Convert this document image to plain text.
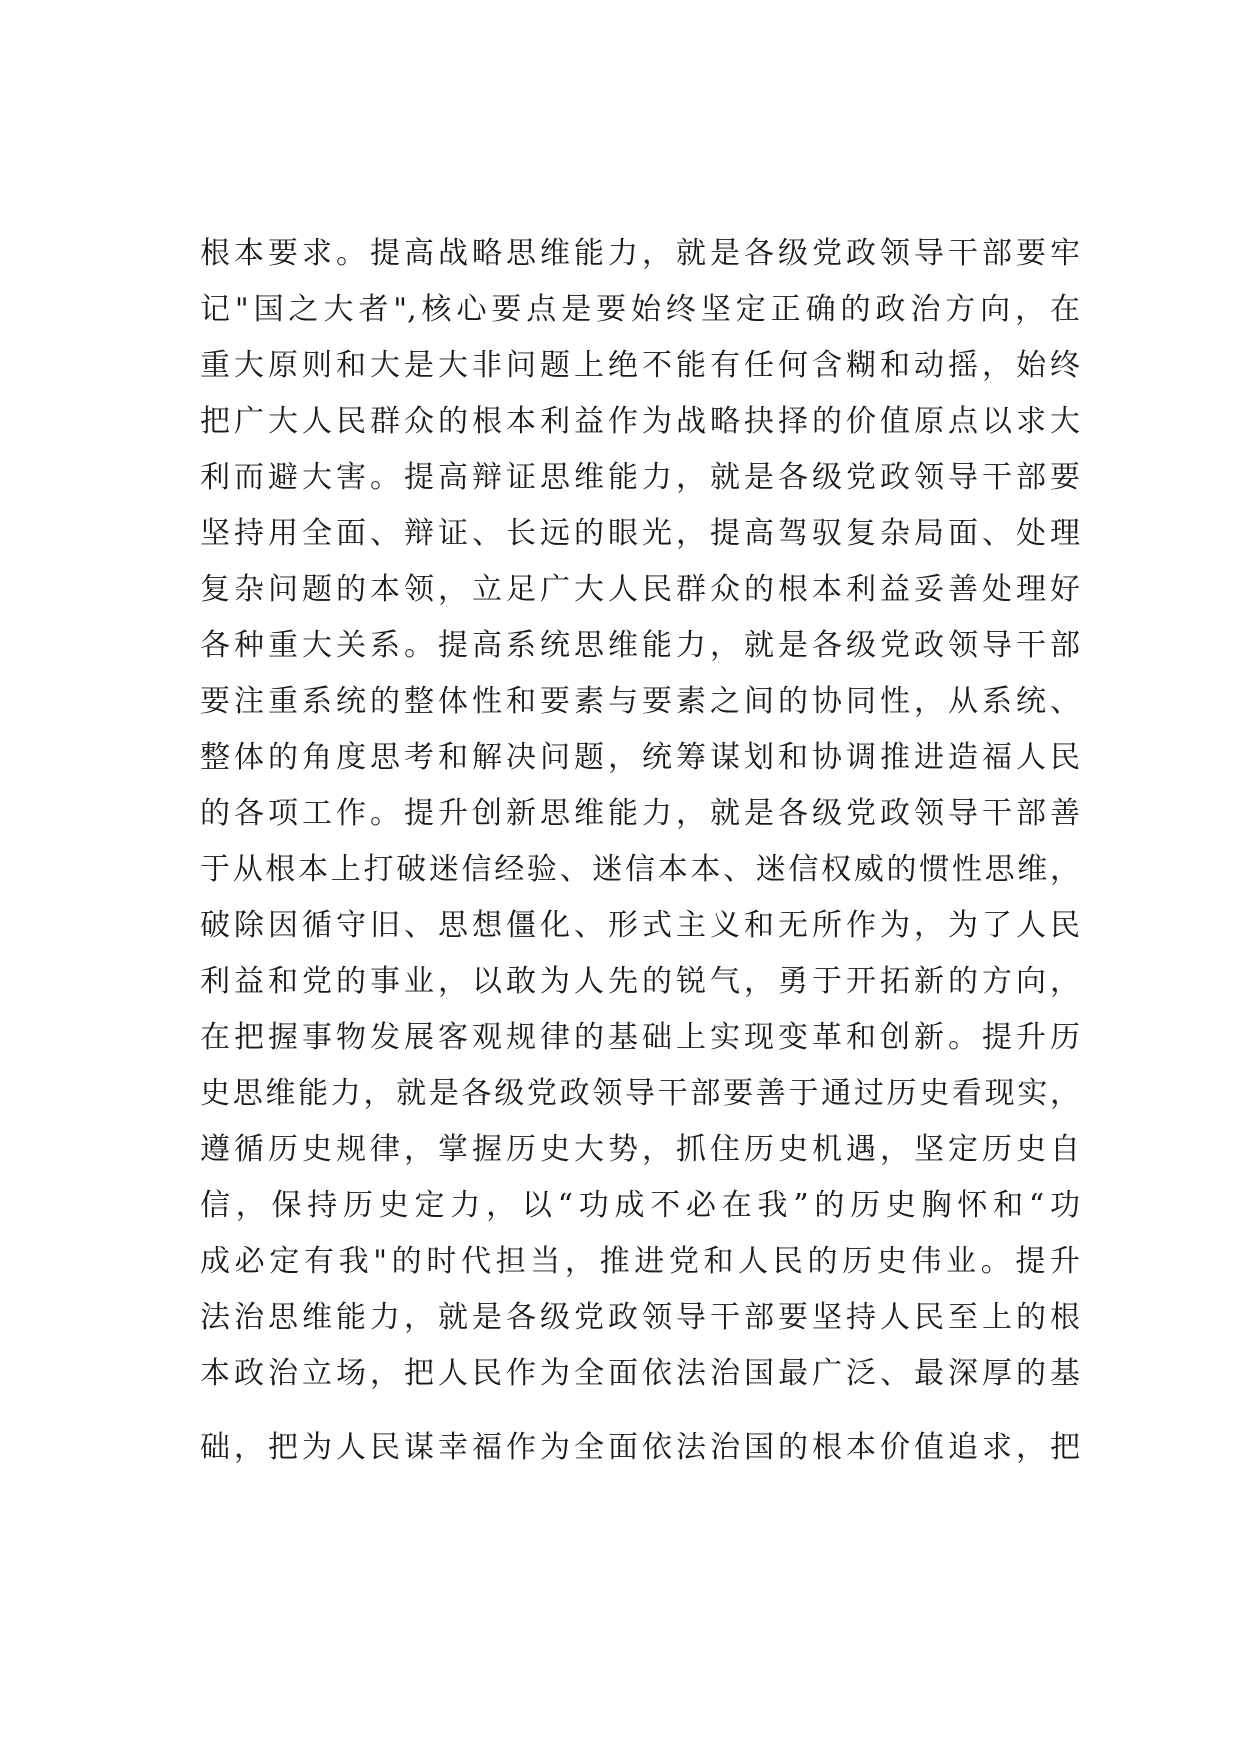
根本要求。提高战略思维能力，就是各级党政领导干部要牢
记"国之大者",核心要点是要始终坚定正确的政治方向，在
重大原则和大是大非问题上绝不能有任何含糊和动摇，始终
把广大人民群众的根本利益作为战略抉择的价值原点以求大
利而避大害。提高辩证思维能力，就是各级党政领导干部要
坚持用全面、辩证、长远的眼光，提高驾驭复杂局面、处理
复杂问题的本领，立足广大人民群众的根本利益妥善处理好
各种重大关系。提高系统思维能力，就是各级党政领导干部
要注重系统的整体性和要素与要素之间的协同性，从系统、
整体的角度思考和解决问题，统筹谋划和协调推进造福人民
的各项工作。提升创新思维能力，就是各级党政领导干部善
于从根本上打破迷信经验、迷信本本、迷信权威的惯性思维，
破除因循守旧、思想僵化、形式主义和无所作为，为了人民
利益和党的事业，以敢为人先的锐气，勇于开拓新的方向，
在把握事物发展客观规律的基础上实现变革和创新。提升历
史思维能力，就是各级党政领导干部要善于通过历史看现实，
遵循历史规律，掌握历史大势，抓住历史机遇，坚定历史自
信，保持历史定力，以“功成不必在我”的历史胸怀和“功
成必定有我"的时代担当，推进党和人民的历史伟业。提升
法治思维能力，就是各级党政领导干部要坚持人民至上的根
本政治立场，把人民作为全面依法治国最广泛、最深厚的基
础，把为人民谋幸福作为全面依法治国的根本价值追求，把
